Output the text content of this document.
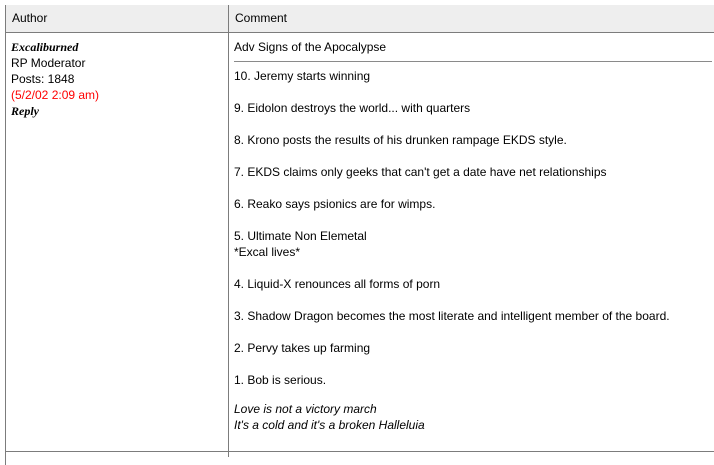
Author	Comment
Excaliburned
RP Moderator
Posts: 1848
(5/2/02 2:09 am)
Reply
Adv Signs of the Apocalypse
10. Jeremy starts winning
9. Eidolon destroys the world... with quarters
8. Krono posts the results of his drunken rampage EKDS style.
7. EKDS claims only geeks that can't get a date have net relationships
6. Reako says psionics are for wimps.
5. Ultimate Non Elemetal
*Excal lives*
4. Liquid-X renounces all forms of porn
3. Shadow Dragon becomes the most literate and intelligent member of the board.
2. Pervy takes up farming
1. Bob is serious.
Love is not a victory march
It's a cold and it's a broken Halleluia
